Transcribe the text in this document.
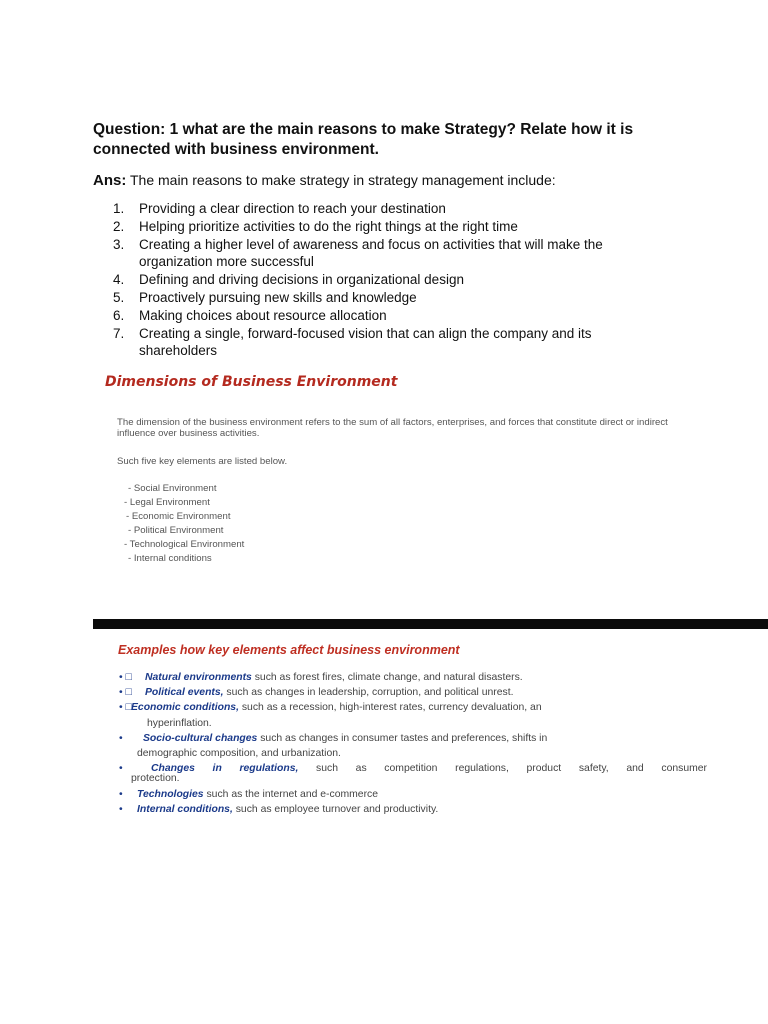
Question: 1 what are the main reasons to make Strategy? Relate how it is connected with business environment.
Ans: The main reasons to make strategy in strategy management include:
1. Providing a clear direction to reach your destination
2. Helping prioritize activities to do the right things at the right time
3. Creating a higher level of awareness and focus on activities that will make the organization more successful
4. Defining and driving decisions in organizational design
5. Proactively pursuing new skills and knowledge
6. Making choices about resource allocation
7. Creating a single, forward-focused vision that can align the company and its shareholders
Dimensions of Business Environment
The dimension of the business environment refers to the sum of all factors, enterprises, and forces that constitute direct or indirect influence over business activities.
Such five key elements are listed below.
- Social Environment
- Legal Environment
- Economic Environment
- Political Environment
- Technological Environment
- Internal conditions
Examples how key elements affect business environment
• □ Natural environments such as forest fires, climate change, and natural disasters.
• □ Political events, such as changes in leadership, corruption, and political unrest.
• □ Economic conditions, such as a recession, high-interest rates, currency devaluation, an
hyperinflation.
• Socio-cultural changes such as changes in consumer tastes and preferences, shifts in
demographic composition, and urbanization.
•	Changes in regulations, such as competition regulations, product safety, and consumer
protection.
• Technologies such as the internet and e-commerce
• Internal conditions, such as employee turnover and productivity.
